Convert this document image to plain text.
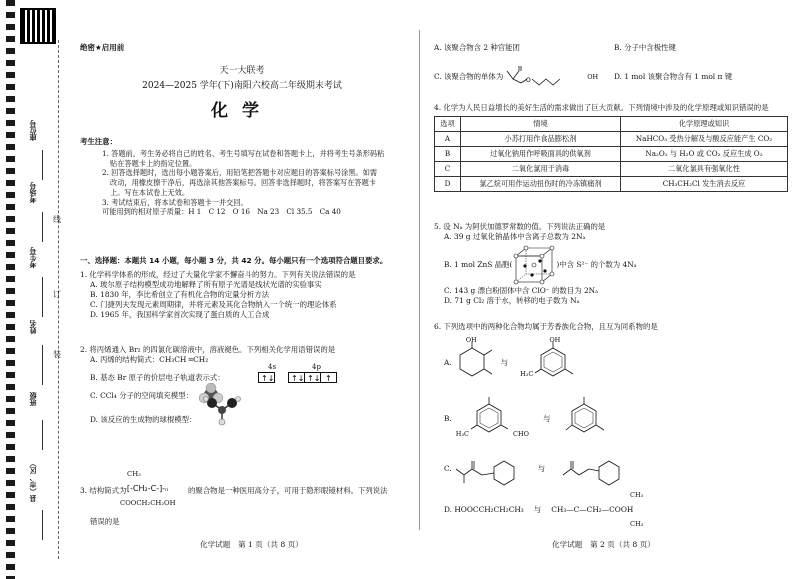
座位号
考场号
考生号
姓名
班级
县（市、区）
线
订
装
绝密★启用前
天一大联考
2024—2025 学年(下)南阳六校高二年级期末考试
化学
考生注意：
1. 答题前，考生务必将自己的姓名、考生号填写在试卷和答题卡上，并将考生号条形码粘
贴在答题卡上的指定位置。
2. 回答选择题时，选出每小题答案后，用铅笔把答题卡对应题目的答案标号涂黑。如需
改动，用橡皮擦干净后，再选涂其他答案标号。回答非选择题时，将答案写在答题卡
上。写在本试卷上无效。
3. 考试结束后，将本试卷和答题卡一并交回。
可能用到的相对原子质量：H 1　C 12　O 16　Na 23　Cl 35.5　Ca 40
一、选择题：本题共 14 小题，每小题 3 分，共 42 分。每小题只有一个选项符合题目要求。
1. 化学科学体系的形成，经过了大量化学家不懈奋斗的努力。下列有关说法错误的是
A. 玻尔原子结构模型成功地解释了所有原子光谱是线状光谱的实验事实
B. 1830 年，李比希创立了有机化合物的定量分析方法
C. 门捷列夫发现元素周期律，并将元素及其化合物纳入一个统一的理论体系
D. 1965 年，我国科学家首次实现了蛋白质的人工合成
2. 将丙烯通入 Br₂ 的四氯化碳溶液中，溶液褪色。下列相关化学用语错误的是
A. 丙烯的结构简式：CH₃CH ═CH₂
B. 基态 Br 原子的价层电子轨道表示式：
4s	4p
↑↓ ↑↓ ↑↓ ↑
C. CCl₄ 分子的空间填充模型：
D. 该反应的生成物的球棍模型：
CH₃
3. 结构简式为
-[-CH₂-C-]-ₙ
COOCH₂CH₂OH
的聚合物是一种医用高分子，可用于隐形眼镜材料。下列说法
错误的是
化学试题　第 1 页（共 8 页）
A. 该聚合物含 2 种官能团	B. 分子中含极性键
C. 该聚合物的单体为	O	OH D. 1 mol 该聚合物含有 1 mol π 键
4. 化学为人民日益增长的美好生活的需求做出了巨大贡献。下列情境中涉及的化学原理或知识错误的是
选项	情境	化学原理或知识
A	小苏打用作食品膨松剂	NaHCO₃ 受热分解及与酸反应能产生 CO₂
B	过氧化钠用作呼吸面具的供氧剂	Na₂O₂ 与 H₂O 或 CO₂ 反应生成 O₂
C	二氧化氯用于消毒	二氧化氯具有强氧化性
D	氯乙烷可用作运动扭伤时的冷冻镇痛剂	CH₃CH₂Cl 发生消去反应
5. 设 Nₐ 为阿伏加德罗常数的值。下列说法正确的是
A. 39 g 过氧化钠晶体中含离子总数为 2Nₐ
B. 1 mol ZnS 晶胞(	)中含 S²⁻ 的个数为 4Nₐ
C. 143 g 漂白粉固体中含 ClO⁻ 的数目为 2Nₐ
D. 71 g Cl₂ 溶于水，转移的电子数为 Nₐ
6. 下列选项中的两种化合物均属于芳香族化合物，且互为同系物的是
A.
OH
与
H₃C
OH
B.
H₃C	CHO
与
C.	与
D. HOOCCH₂CH₂CH₃ 与 CH₃—C—CH₂—COOH
CH₃
CH₃
化学试题　第 2 页（共 8 页）
